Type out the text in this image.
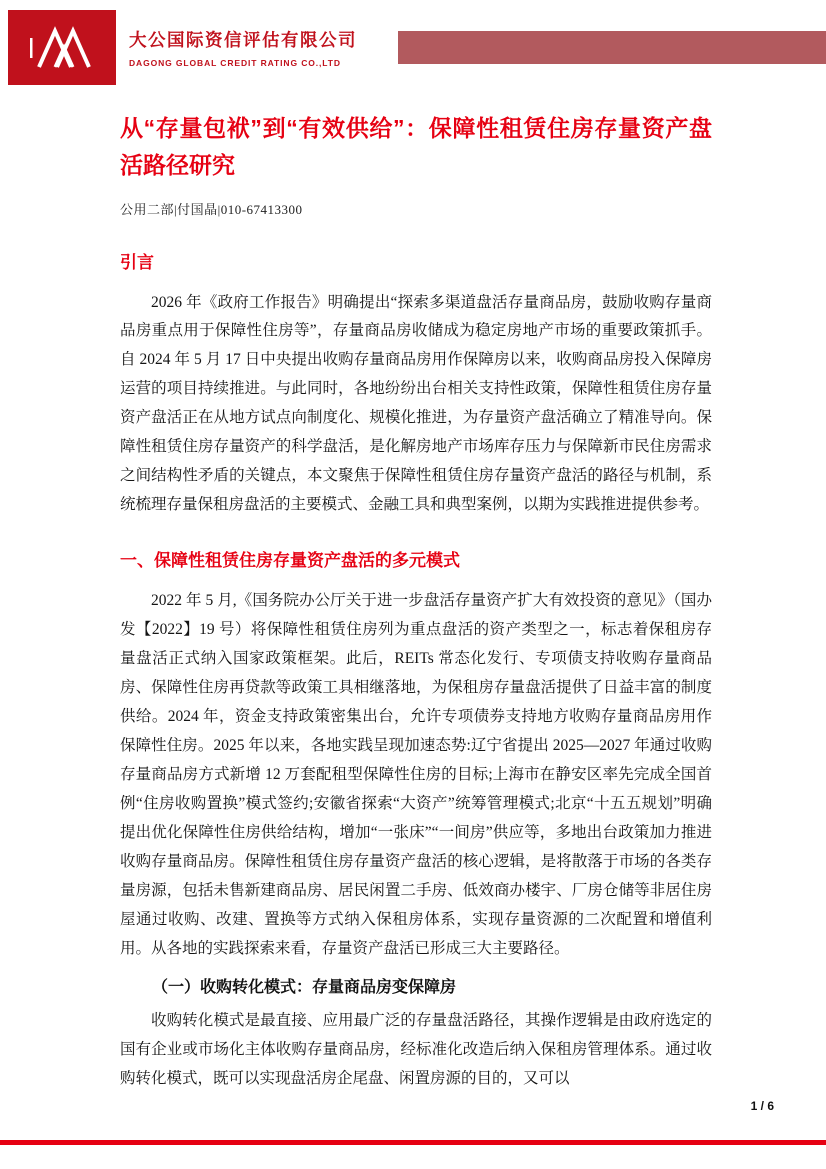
大公国际资信评估有限公司
DAGONG GLOBAL CREDIT RATING CO.,LTD
从“存量包袱”到“有效供给”：保障性租赁住房存量资产盘活路径研究
公用二部|付国晶|010-67413300
引言

2026 年《政府工作报告》明确提出“探索多渠道盘活存量商品房，鼓励收购存量商品房重点用于保障性住房等”，存量商品房收储成为稳定房地产市场的重要政策抓手。自 2024 年 5 月 17 日中央提出收购存量商品房用作保障房以来，收购商品房投入保障房运营的项目持续推进。与此同时，各地纷纷出台相关支持性政策，保障性租赁住房存量资产盘活正在从地方试点向制度化、规模化推进，为存量资产盘活确立了精准导向。保障性租赁住房存量资产的科学盘活，是化解房地产市场库存压力与保障新市民住房需求之间结构性矛盾的关键点，本文聚焦于保障性租赁住房存量资产盘活的路径与机制，系统梳理存量保租房盘活的主要模式、金融工具和典型案例，以期为实践推进提供参考。

一、保障性租赁住房存量资产盘活的多元模式

2022 年 5 月,《国务院办公厅关于进一步盘活存量资产扩大有效投资的意见》（国办发【2022】19 号）将保障性租赁住房列为重点盘活的资产类型之一，标志着保租房存量盘活正式纳入国家政策框架。此后，REITs 常态化发行、专项债支持收购存量商品房、保障性住房再贷款等政策工具相继落地，为保租房存量盘活提供了日益丰富的制度供给。2024 年，资金支持政策密集出台，允许专项债券支持地方收购存量商品房用作保障性住房。2025 年以来，各地实践呈现加速态势:辽宁省提出 2025—2027 年通过收购存量商品房方式新增 12 万套配租型保障性住房的目标;上海市在静安区率先完成全国首例“住房收购置换”模式签约;安徽省探索“大资产”统筹管理模式;北京“十五五规划”明确提出优化保障性住房供给结构，增加“一张床”“一间房”供应等，多地出台政策加力推进收购存量商品房。保障性租赁住房存量资产盘活的核心逻辑，是将散落于市场的各类存量房源，包括未售新建商品房、居民闲置二手房、低效商办楼宇、厂房仓储等非居住房屋通过收购、改建、置换等方式纳入保租房体系，实现存量资源的二次配置和增值利用。从各地的实践探索来看，存量资产盘活已形成三大主要路径。

（一）收购转化模式：存量商品房变保障房

收购转化模式是最直接、应用最广泛的存量盘活路径，其操作逻辑是由政府选定的国有企业或市场化主体收购存量商品房，经标准化改造后纳入保租房管理体系。通过收购转化模式，既可以实现盘活房企尾盘、闲置房源的目的，又可以

1 / 6
